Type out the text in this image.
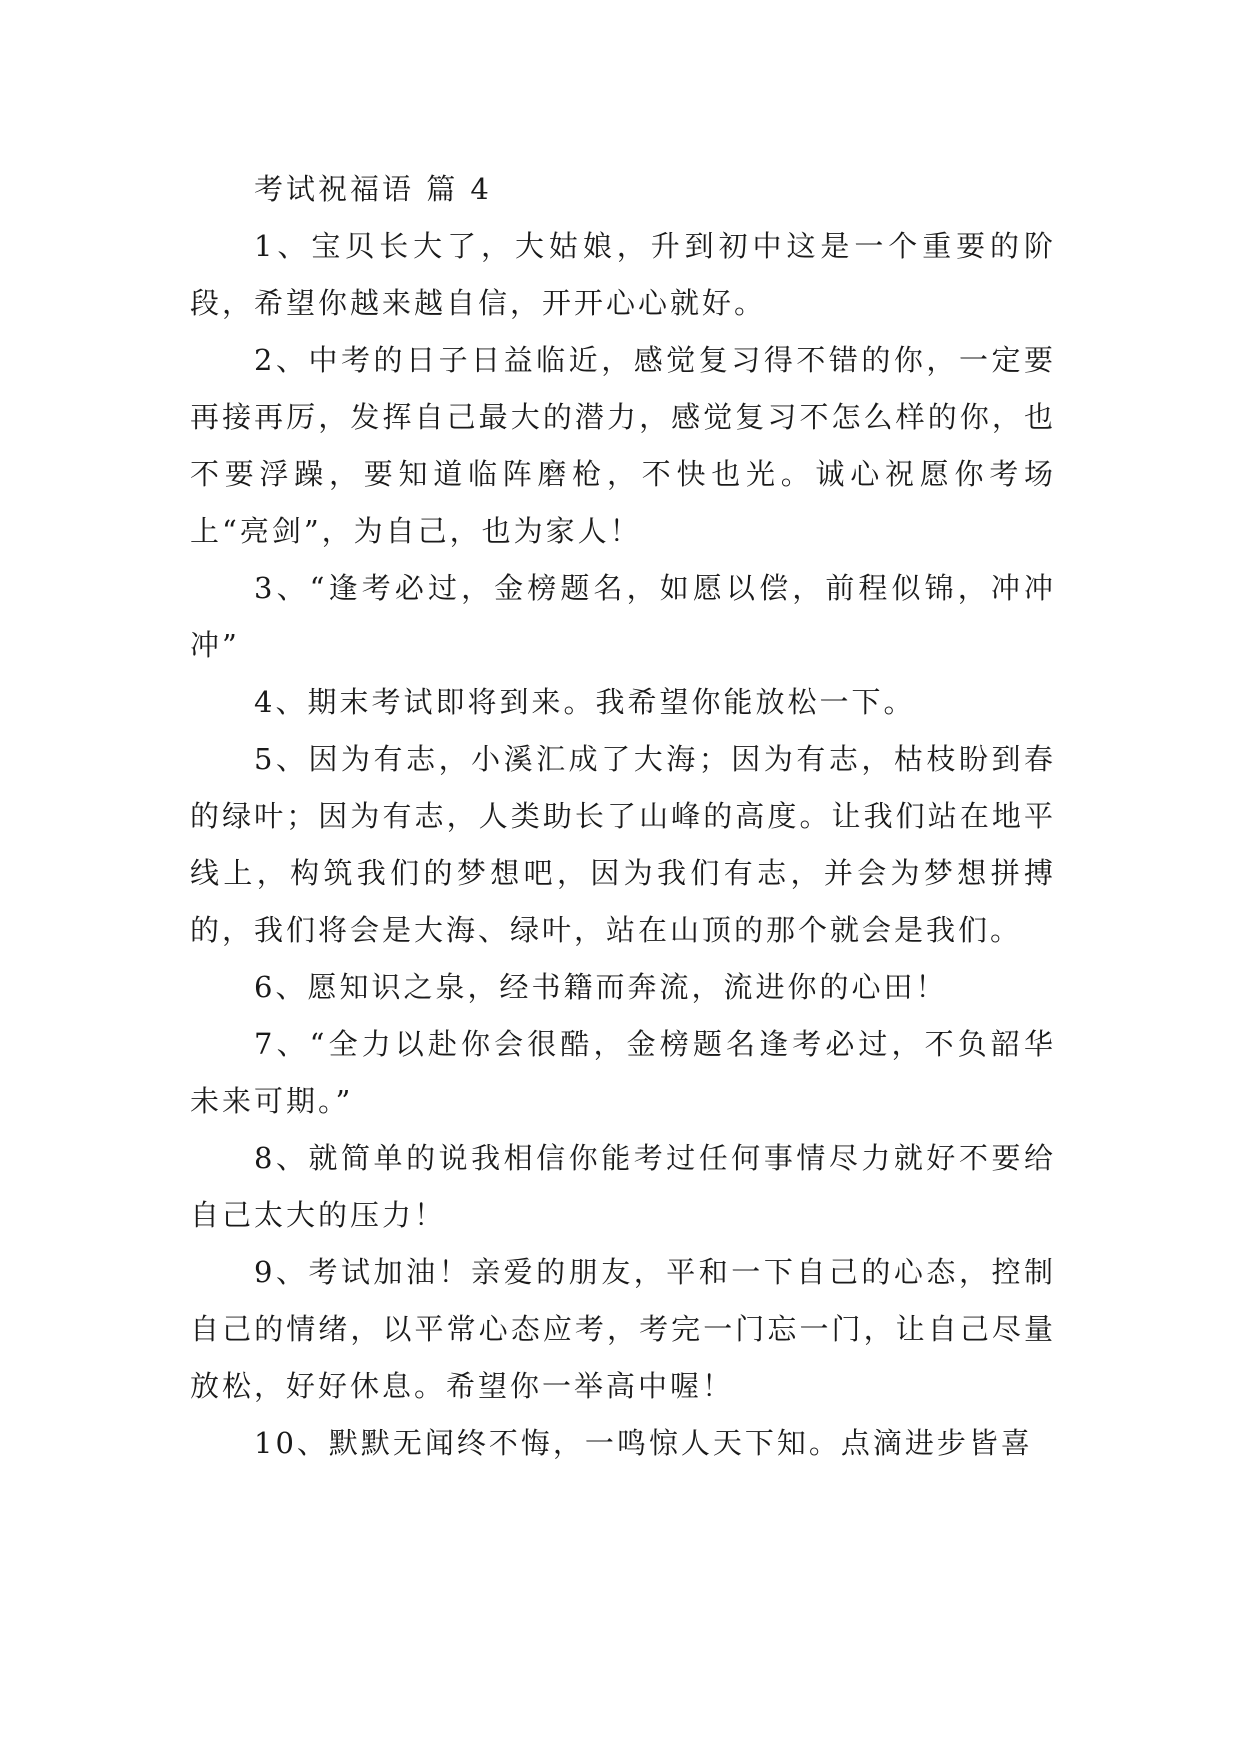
考试祝福语 篇 4

1、宝贝长大了，大姑娘，升到初中这是一个重要的阶段，希望你越来越自信，开开心心就好。

2、中考的日子日益临近，感觉复习得不错的你，一定要再接再厉，发挥自己最大的潜力，感觉复习不怎么样的你，也不要浮躁，要知道临阵磨枪，不快也光。诚心祝愿你考场上“亮剑”，为自己，也为家人！

3、“逢考必过，金榜题名，如愿以偿，前程似锦，冲冲冲”

4、期末考试即将到来。我希望你能放松一下。

5、因为有志，小溪汇成了大海；因为有志，枯枝盼到春的绿叶；因为有志，人类助长了山峰的高度。让我们站在地平线上，构筑我们的梦想吧，因为我们有志，并会为梦想拼搏的，我们将会是大海、绿叶，站在山顶的那个就会是我们。

6、愿知识之泉，经书籍而奔流，流进你的心田！

7、“全力以赴你会很酷，金榜题名逢考必过，不负韶华未来可期。”

8、就简单的说我相信你能考过任何事情尽力就好不要给自己太大的压力！

9、考试加油！亲爱的朋友，平和一下自己的心态，控制自己的情绪，以平常心态应考，考完一门忘一门，让自己尽量放松，好好休息。希望你一举高中喔！

10、默默无闻终不悔，一鸣惊人天下知。点滴进步皆喜
